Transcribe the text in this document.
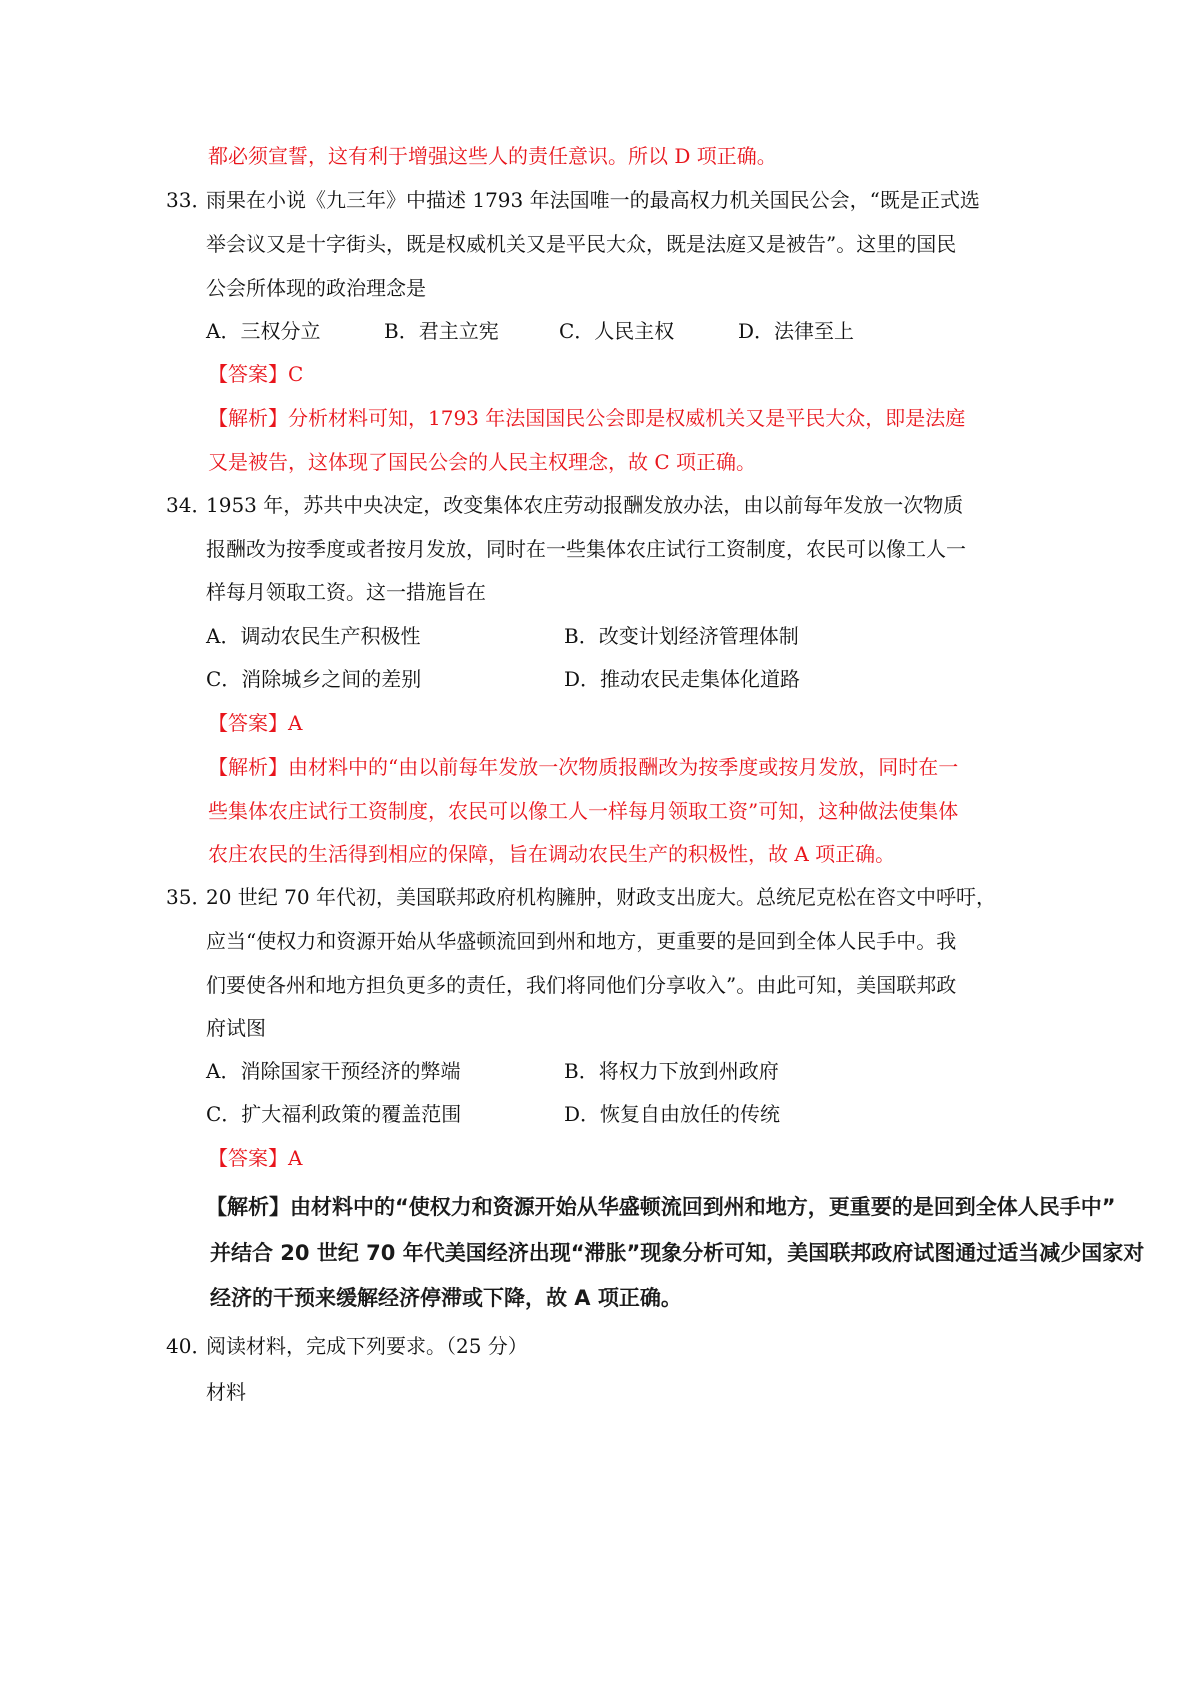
都必须宣誓，这有利于增强这些人的责任意识。所以 D 项正确。
33．
雨果在小说《九三年》中描述 1793 年法国唯一的最高权力机关国民公会，“既是正式选
举会议又是十字街头，既是权威机关又是平民大众，既是法庭又是被告”。这里的国民
公会所体现的政治理念是
A．三权分立	B．君主立宪	C．人民主权	D．法律至上
【答案】C
【解析】分析材料可知，1793 年法国国民公会即是权威机关又是平民大众，即是法庭
又是被告，这体现了国民公会的人民主权理念，故 C 项正确。
34．
1953 年，苏共中央决定，改变集体农庄劳动报酬发放办法，由以前每年发放一次物质
报酬改为按季度或者按月发放，同时在一些集体农庄试行工资制度，农民可以像工人一
样每月领取工资。这一措施旨在
A．调动农民生产积极性	B．改变计划经济管理体制
C．消除城乡之间的差别	D．推动农民走集体化道路
【答案】A
【解析】由材料中的“由以前每年发放一次物质报酬改为按季度或按月发放，同时在一
些集体农庄试行工资制度，农民可以像工人一样每月领取工资”可知，这种做法使集体
农庄农民的生活得到相应的保障，旨在调动农民生产的积极性，故 A 项正确。
35．
20 世纪 70 年代初，美国联邦政府机构臃肿，财政支出庞大。总统尼克松在咨文中呼吁，
应当“使权力和资源开始从华盛顿流回到州和地方，更重要的是回到全体人民手中。我
们要使各州和地方担负更多的责任，我们将同他们分享收入”。由此可知，美国联邦政
府试图
A．消除国家干预经济的弊端	B．将权力下放到州政府
C．扩大福利政策的覆盖范围	D．恢复自由放任的传统
【答案】A
【解析】由材料中的“使权力和资源开始从华盛顿流回到州和地方，更重要的是回到全体人民手中”
并结合 20 世纪 70 年代美国经济出现“滞胀”现象分析可知，美国联邦政府试图通过适当减少国家对
经济的干预来缓解经济停滞或下降，故 A 项正确。
40．
阅读材料，完成下列要求。（25 分）
材料
